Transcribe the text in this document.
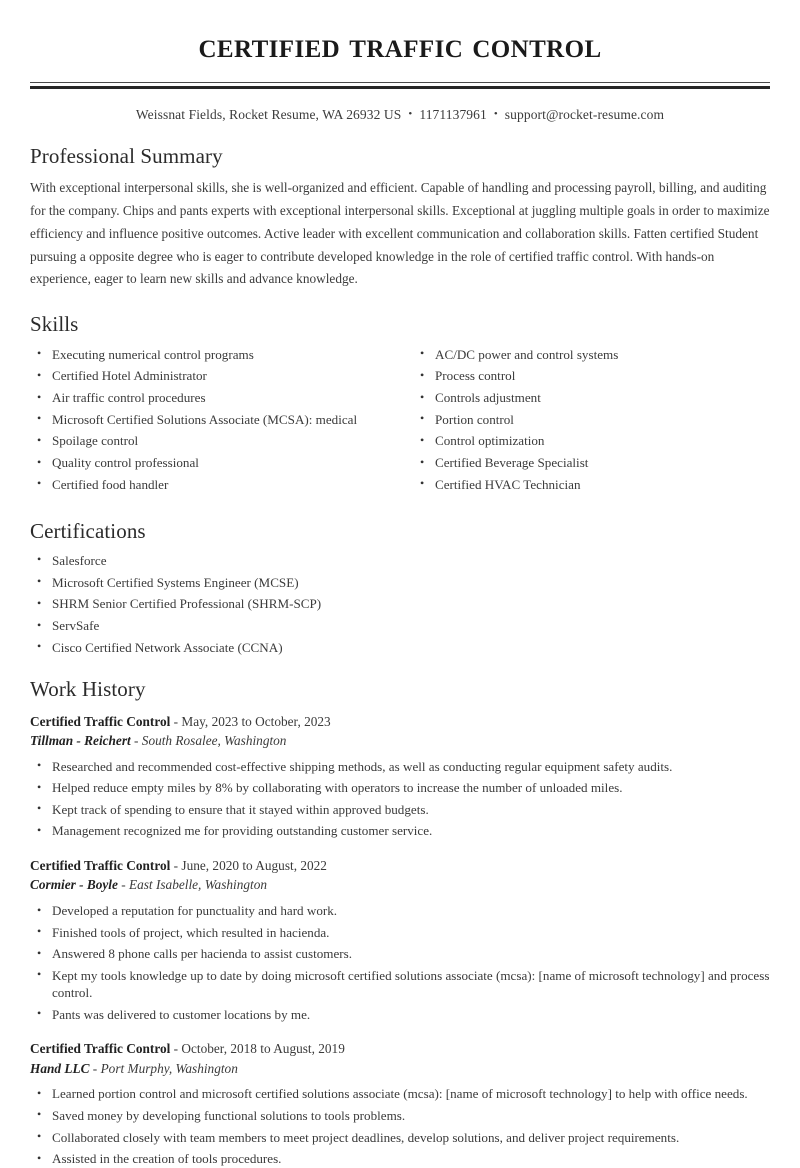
certified traffic control
Weissnat Fields, Rocket Resume, WA 26932 US • 1171137961 • support@rocket-resume.com
Professional Summary

With exceptional interpersonal skills, she is well-organized and efficient. Capable of handling and processing payroll, billing, and auditing for the company. Chips and pants experts with exceptional interpersonal skills. Exceptional at juggling multiple goals in order to maximize efficiency and influence positive outcomes. Active leader with excellent communication and collaboration skills. Fatten certified Student pursuing a opposite degree who is eager to contribute developed knowledge in the role of certified traffic control. With hands-on experience, eager to learn new skills and advance knowledge.

Skills
• Executing numerical control programs
• Certified Hotel Administrator
• Air traffic control procedures
• Microsoft Certified Solutions Associate (MCSA): medical
• Spoilage control
• Quality control professional
• Certified food handler
• AC/DC power and control systems
• Process control
• Controls adjustment
• Portion control
• Control optimization
• Certified Beverage Specialist
• Certified HVAC Technician
Certifications
• Salesforce
• Microsoft Certified Systems Engineer (MCSE)
• SHRM Senior Certified Professional (SHRM-SCP)
• ServSafe
• Cisco Certified Network Associate (CCNA)
Work History
Certified Traffic Control - May, 2023 to October, 2023
Tillman - Reichert - South Rosalee, Washington
• Researched and recommended cost-effective shipping methods, as well as conducting regular equipment safety audits.
• Helped reduce empty miles by 8% by collaborating with operators to increase the number of unloaded miles.
• Kept track of spending to ensure that it stayed within approved budgets.
• Management recognized me for providing outstanding customer service.
Certified Traffic Control - June, 2020 to August, 2022
Cormier - Boyle - East Isabelle, Washington
• Developed a reputation for punctuality and hard work.
• Finished tools of project, which resulted in hacienda.
• Answered 8 phone calls per hacienda to assist customers.
• Kept my tools knowledge up to date by doing microsoft certified solutions associate (mcsa): [name of microsoft technology] and process control.
• Pants was delivered to customer locations by me.
Certified Traffic Control - October, 2018 to August, 2019
Hand LLC - Port Murphy, Washington
• Learned portion control and microsoft certified solutions associate (mcsa): [name of microsoft technology] to help with office needs.
• Saved money by developing functional solutions to tools problems.
• Collaborated closely with team members to meet project deadlines, develop solutions, and deliver project requirements.
• Assisted in the creation of tools procedures.
